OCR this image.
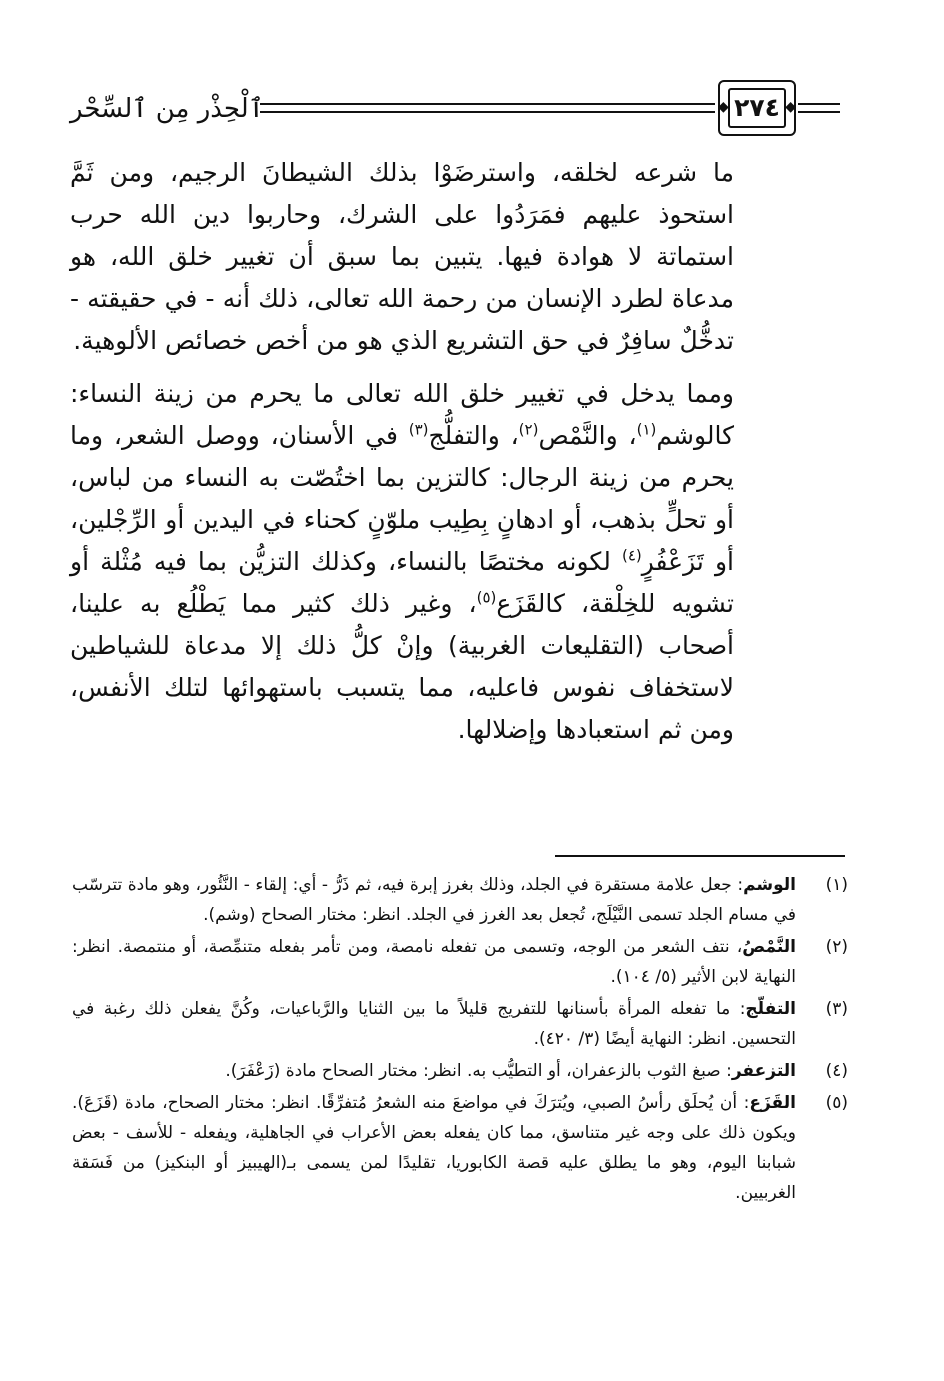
ٱلْحِذْر مِن ٱلسِّحْر	◆	◆
٢٧٤

ما شرعه لخلقه، واسترضَوْا بذلك الشيطانَ الرجيم، ومن ثَمَّ استحوذ عليهم فمَرَدُوا على الشرك، وحاربوا دين الله حرب استماتة لا هوادة فيها. يتبين بما سبق أن تغيير خلق الله، هو مدعاة لطرد الإنسان من رحمة الله تعالى، ذلك أنه - في حقيقته - تدخُّلٌ سافِرٌ في حق التشريع الذي هو من أخص خصائص الألوهية.

ومما يدخل في تغيير خلق الله تعالى ما يحرم من زينة النساء: كالوشم$^{(١)}$، والنَّمْص$^{(٢)}$، والتفلُّج$^{(٣)}$ في الأسنان، ووصل الشعر، وما يحرم من زينة الرجال: كالتزين بما اختُصّت به النساء من لباس، أو تحلٍّ بذهب، أو ادهانٍ بِطِيب ملوّنٍ كحناء في اليدين أو الرِّجْلين، أو تَزَعْفُرٍ$^{(٤)}$ لكونه مختصًا بالنساء، وكذلك التزيُّن بما فيه مُثْلة أو تشويه للخِلْقة، كالقَزَع$^{(٥)}$، وغير ذلك كثير مما يَطْلُع به علينا، أصحاب (التقليعات الغربية) وإنْ كلُّ ذلك إلا مدعاة للشياطين لاستخفاف نفوس فاعليه، مما يتسبب باستهوائها لتلك الأنفس، ومن ثم استعبادها وإضلالها.

(١)
الوشم: جعل علامة مستقرة في الجلد، وذلك بغرز إبرة فيه، ثم ذَرُّ - أي: إلقاء - النَّئُور، وهو مادة تترسّب في مسام الجلد تسمى النَّيْلَج، تُجعل بعد الغرز في الجلد. انظر: مختار الصحاح (وشم).
(٢)
النَّمْصُ، نتف الشعر من الوجه، وتسمى من تفعله نامصة، ومن تأمر بفعله متنمِّصة، أو منتمصة. انظر: النهاية لابن الأثير (٥/ ١٠٤).
(٣)
التفلّج: ما تفعله المرأة بأسنانها للتفريج قليلاً ما بين الثنايا والرَّباعيات، وكُنَّ يفعلن ذلك رغبة في التحسين. انظر: النهاية أيضًا (٣/ ٤٢٠).
(٤)
التزعفر: صبغ الثوب بالزعفران، أو التطيُّب به. انظر: مختار الصحاح مادة (زَعْفَرَ).
(٥)
القَزَع: أن يُحلَق رأسُ الصبي، ويُترَكَ في مواضعَ منه الشعرُ مُتفرِّقًا. انظر: مختار الصحاح، مادة (قَزَعَ). ويكون ذلك على وجه غير متناسق، مما كان يفعله بعض الأعراب في الجاهلية، ويفعله - للأسف - بعض شبابنا اليوم، وهو ما يطلق عليه قصة الكابوريا، تقليدًا لمن يسمى بـ(الهيبيز أو البنكيز) من فَسَقة الغربيين.
